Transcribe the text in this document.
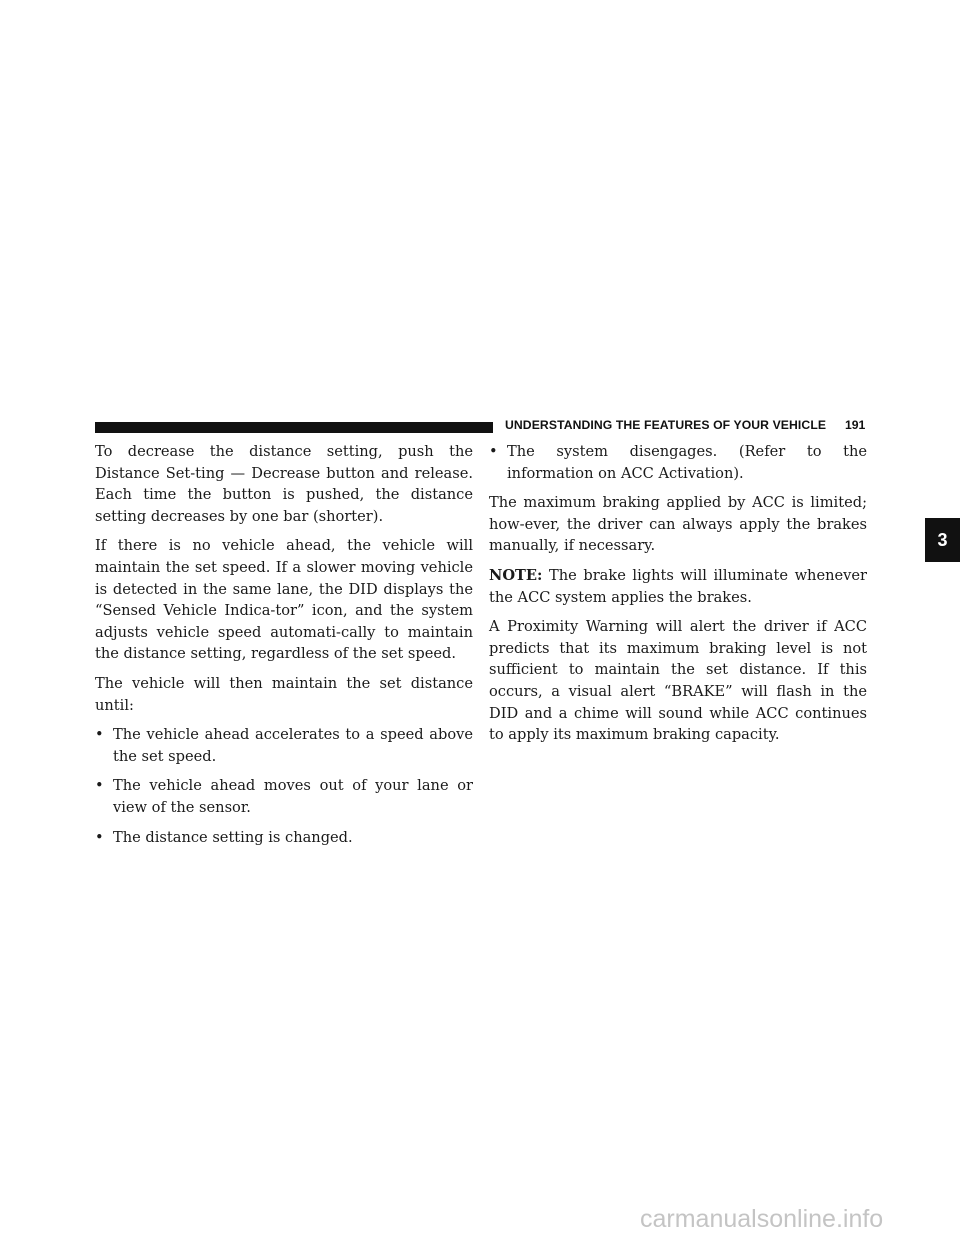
UNDERSTANDING THE FEATURES OF YOUR VEHICLE 191

To decrease the distance setting, push the Distance Set-ting — Decrease button and release. Each time the button is pushed, the distance setting decreases by one bar (shorter).

If there is no vehicle ahead, the vehicle will maintain the set speed. If a slower moving vehicle is detected in the same lane, the DID displays the “Sensed Vehicle Indica-tor” icon, and the system adjusts vehicle speed automati-cally to maintain the distance setting, regardless of the set speed.

The vehicle will then maintain the set distance until:

• The vehicle ahead accelerates to a speed above the set speed.
• The vehicle ahead moves out of your lane or view of the sensor.
• The distance setting is changed.
• The system disengages. (Refer to the information on ACC Activation).

The maximum braking applied by ACC is limited; how-ever, the driver can always apply the brakes manually, if necessary.

NOTE: The brake lights will illuminate whenever the ACC system applies the brakes.

A Proximity Warning will alert the driver if ACC predicts that its maximum braking level is not sufficient to maintain the set distance. If this occurs, a visual alert “BRAKE” will flash in the DID and a chime will sound while ACC continues to apply its maximum braking capacity.

3
carmanualsonline.info
